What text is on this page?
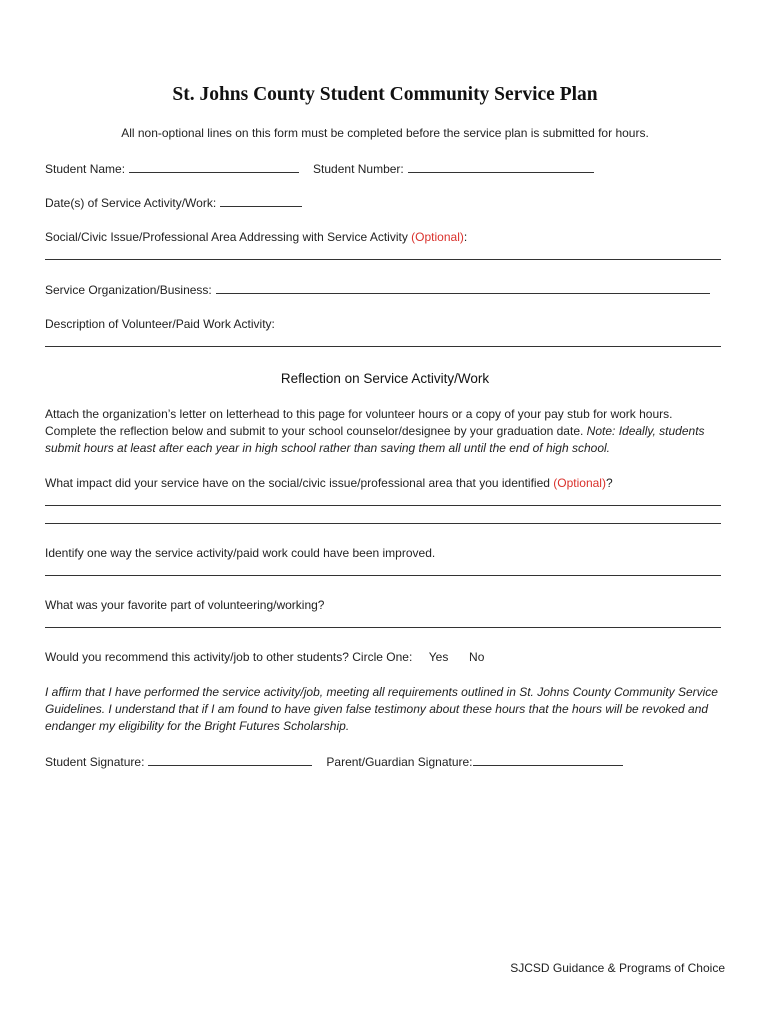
St. Johns County Student Community Service Plan
All non-optional lines on this form must be completed before the service plan is submitted for hours.
Student Name:	Student Number:
Date(s) of Service Activity/Work:
Social/Civic Issue/Professional Area Addressing with Service Activity (Optional):
Service Organization/Business:
Description of Volunteer/Paid Work Activity:
Reflection on Service Activity/Work
Attach the organization’s letter on letterhead to this page for volunteer hours or a copy of your pay stub for work hours. Complete the reflection below and submit to your school counselor/designee by your graduation date. Note: Ideally, students submit hours at least after each year in high school rather than saving them all until the end of high school.
What impact did your service have on the social/civic issue/professional area that you identified (Optional)?
Identify one way the service activity/paid work could have been improved.
What was your favorite part of volunteering/working?
Would you recommend this activity/job to other students? Circle One: Yes No
I affirm that I have performed the service activity/job, meeting all requirements outlined in St. Johns County Community Service Guidelines. I understand that if I am found to have given false testimony about these hours that the hours will be revoked and endanger my eligibility for the Bright Futures Scholarship.
Student Signature:	Parent/Guardian Signature:
SJCSD Guidance & Programs of Choice
